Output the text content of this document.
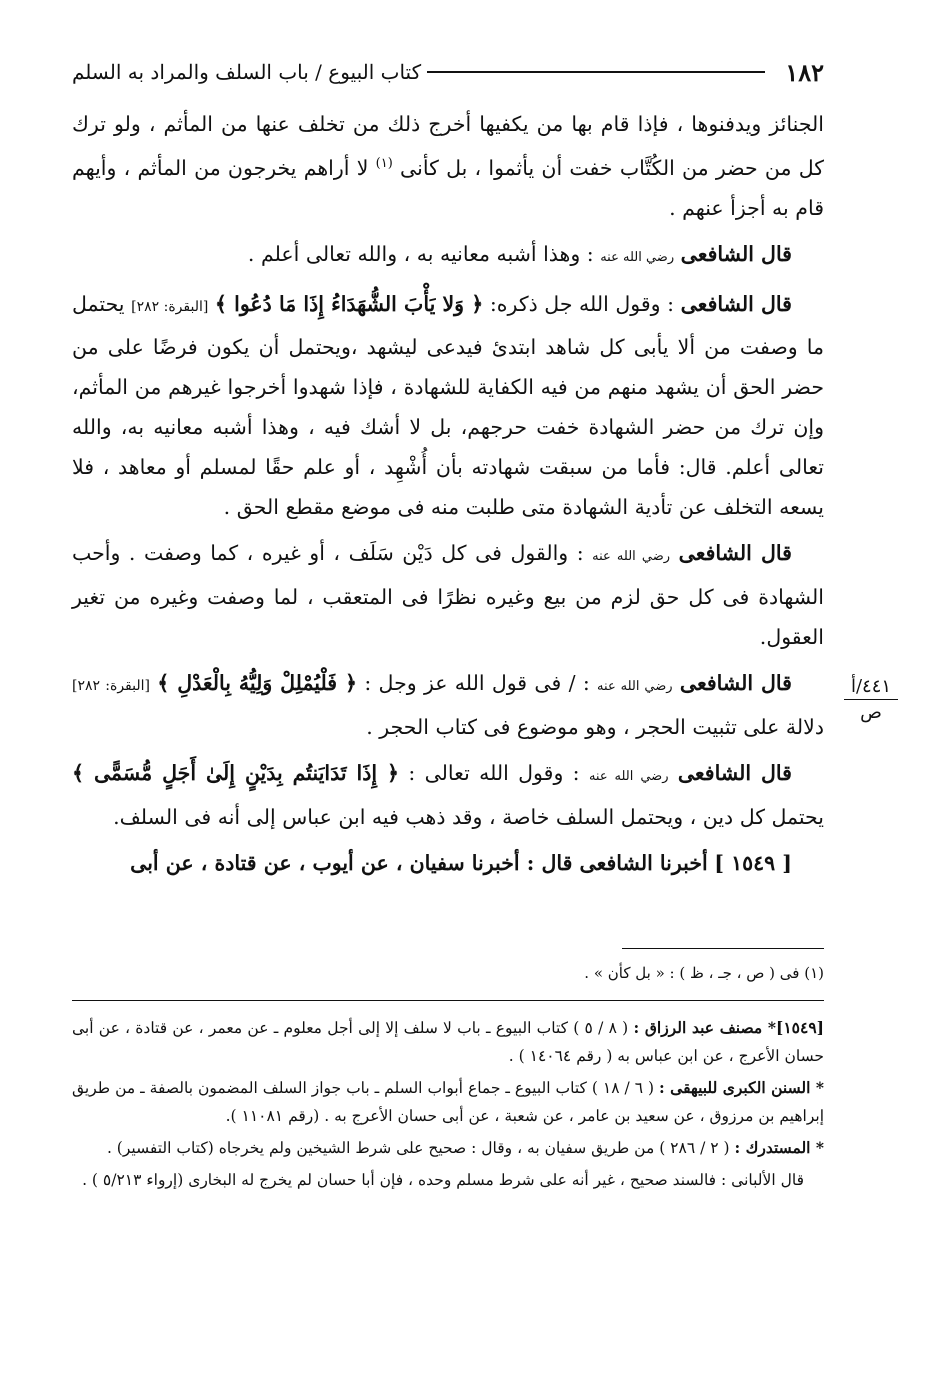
١٨٢
كتاب البيوع / باب السلف والمراد به السلم
٤٤١/أ
ص

الجنائز ويدفنوها ، فإذا قام بها من يكفيها أخرج ذلك من تخلف عنها من المأثم ، ولو ترك كل من حضر من الكُتَّاب خفت أن يأثموا ، بل كأنى $^{(١)}$ لا أراهم يخرجون من المأثم ، وأيهم قام به أجزأ عنهم .

قال الشافعى رضي الله عنه : وهذا أشبه معانيه به ، والله تعالى أعلم .

قال الشافعى : وقول الله جل ذكره: ﴿ وَلا يَأْبَ الشُّهَدَاءُ إِذَا مَا دُعُوا ﴾ [البقرة: ٢٨٢] يحتمل ما وصفت من ألا يأبى كل شاهد ابتدئ فيدعى ليشهد ،ويحتمل أن يكون فرضًا على من حضر الحق أن يشهد منهم من فيه الكفاية للشهادة ، فإذا شهدوا أخرجوا غيرهم من المأثم، وإن ترك من حضر الشهادة خفت حرجهم، بل لا أشك فيه ، وهذا أشبه معانيه به، والله تعالى أعلم. قال: فأما من سبقت شهادته بأن أُشْهِد ، أو علم حقًا لمسلم أو معاهد ، فلا يسعه التخلف عن تأدية الشهادة متى طلبت منه فى موضع مقطع الحق .

قال الشافعى رضي الله عنه : والقول فى كل دَيْن سَلَف ، أو غيره ، كما وصفت . وأحب الشهادة فى كل حق لزم من بيع وغيره نظرًا فى المتعقب ، لما وصفت وغيره من تغير العقول.

قال الشافعى رضي الله عنه : / فى قول الله عز وجل : ﴿ فَلْيُمْلِلْ وَلِيُّهُ بِالْعَدْلِ ﴾ [البقرة: ٢٨٢] دلالة على تثبيت الحجر ، وهو موضوع فى كتاب الحجر .

قال الشافعى رضي الله عنه : وقول الله تعالى : ﴿ إِذَا تَدَايَنتُم بِدَيْنٍ إِلَىٰ أَجَلٍ مُّسَمًّى ﴾ يحتمل كل دين ، ويحتمل السلف خاصة ، وقد ذهب فيه ابن عباس إلى أنه فى السلف.

[ ١٥٤٩ ] أخبرنا الشافعى قال : أخبرنا سفيان ، عن أيوب ، عن قتادة ، عن أبى

(١) فى ( ص ، جـ ، ظ ) : « بل كأن » .

[١٥٤٩]* مصنف عبد الرزاق : ( ٨ / ٥ ) كتاب البيوع ـ باب لا سلف إلا إلى أجل معلوم ـ عن معمر ، عن قتادة ، عن أبى حسان الأعرج ، عن ابن عباس به ( رقم ١٤٠٦٤ ) .

* السنن الكبرى للبيهقى : ( ٦ / ١٨ ) كتاب البيوع ـ جماع أبواب السلم ـ باب جواز السلف المضمون بالصفة ـ من طريق إبراهيم بن مرزوق ، عن سعيد بن عامر ، عن شعبة ، عن أبى حسان الأعرج به . (رقم ١١٠٨١ ).

* المستدرك : ( ٢ / ٢٨٦ ) من طريق سفيان به ، وقال : صحيح على شرط الشيخين ولم يخرجاه (كتاب التفسير) .

قال الألبانى : فالسند صحيح ، غير أنه على شرط مسلم وحده ، فإن أبا حسان لم يخرج له البخارى (إرواء ٥/٢١٣ ) .
